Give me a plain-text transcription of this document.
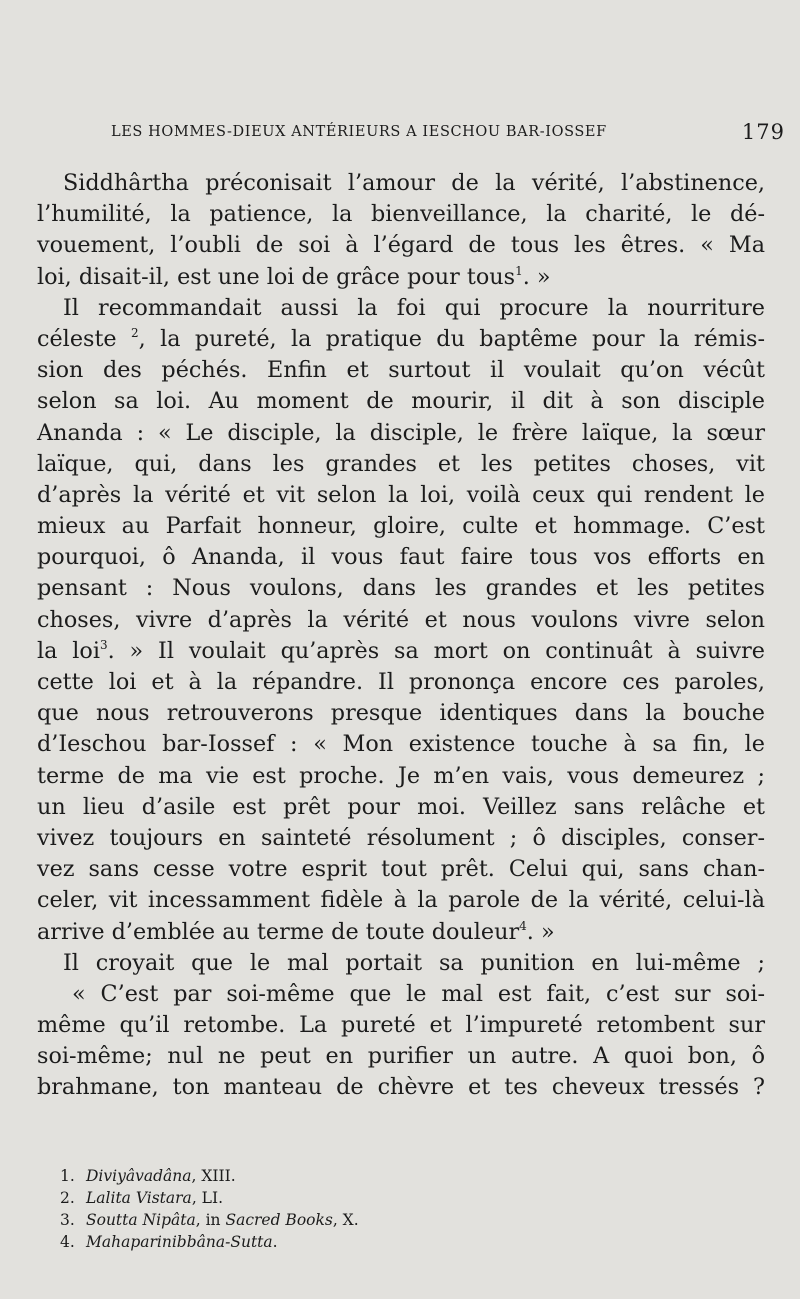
LES HOMMES-DIEUX ANTÉRIEURS A IESCHOU BAR-IOSSEF	179
Siddhârtha préconisait l’amour de la vérité, l’abstinence,
l’humilité, la patience, la bienveillance, la charité, le dé-
vouement, l’oubli de soi à l’égard de tous les êtres. « Ma
loi, disait-il, est une loi de grâce pour tous$^1$. »
Il recommandait aussi la foi qui procure la nourriture
céleste $^2$, la pureté, la pratique du baptême pour la rémis-
sion des péchés. Enfin et surtout il voulait qu’on vécût
selon sa loi. Au moment de mourir, il dit à son disciple
Ananda : « Le disciple, la disciple, le frère laïque, la sœur
laïque, qui, dans les grandes et les petites choses, vit
d’après la vérité et vit selon la loi, voilà ceux qui rendent le
mieux au Parfait honneur, gloire, culte et hommage. C’est
pourquoi, ô Ananda, il vous faut faire tous vos efforts en
pensant : Nous voulons, dans les grandes et les petites
choses, vivre d’après la vérité et nous voulons vivre selon
la loi$^3$. » Il voulait qu’après sa mort on continuât à suivre
cette loi et à la répandre. Il prononça encore ces paroles,
que nous retrouverons presque identiques dans la bouche
d’Ieschou bar-Iossef : « Mon existence touche à sa fin, le
terme de ma vie est proche. Je m’en vais, vous demeurez ;
un lieu d’asile est prêt pour moi. Veillez sans relâche et
vivez toujours en sainteté résolument ; ô disciples, conser-
vez sans cesse votre esprit tout prêt. Celui qui, sans chan-
celer, vit incessamment fidèle à la parole de la vérité, celui-là
arrive d’emblée au terme de toute douleur$^4$. »
Il croyait que le mal portait sa punition en lui-même ;
« C’est par soi-même que le mal est fait, c’est sur soi-
même qu’il retombe. La pureté et l’impureté retombent sur
soi-même; nul ne peut en purifier un autre. A quoi bon, ô
brahmane, ton manteau de chèvre et tes cheveux tressés ?
1. Diviyâvadâna, XIII.
2. Lalita Vistara, LI.
3. Soutta Nipâta, in Sacred Books, X.
4. Mahaparinibbâna-Sutta.
